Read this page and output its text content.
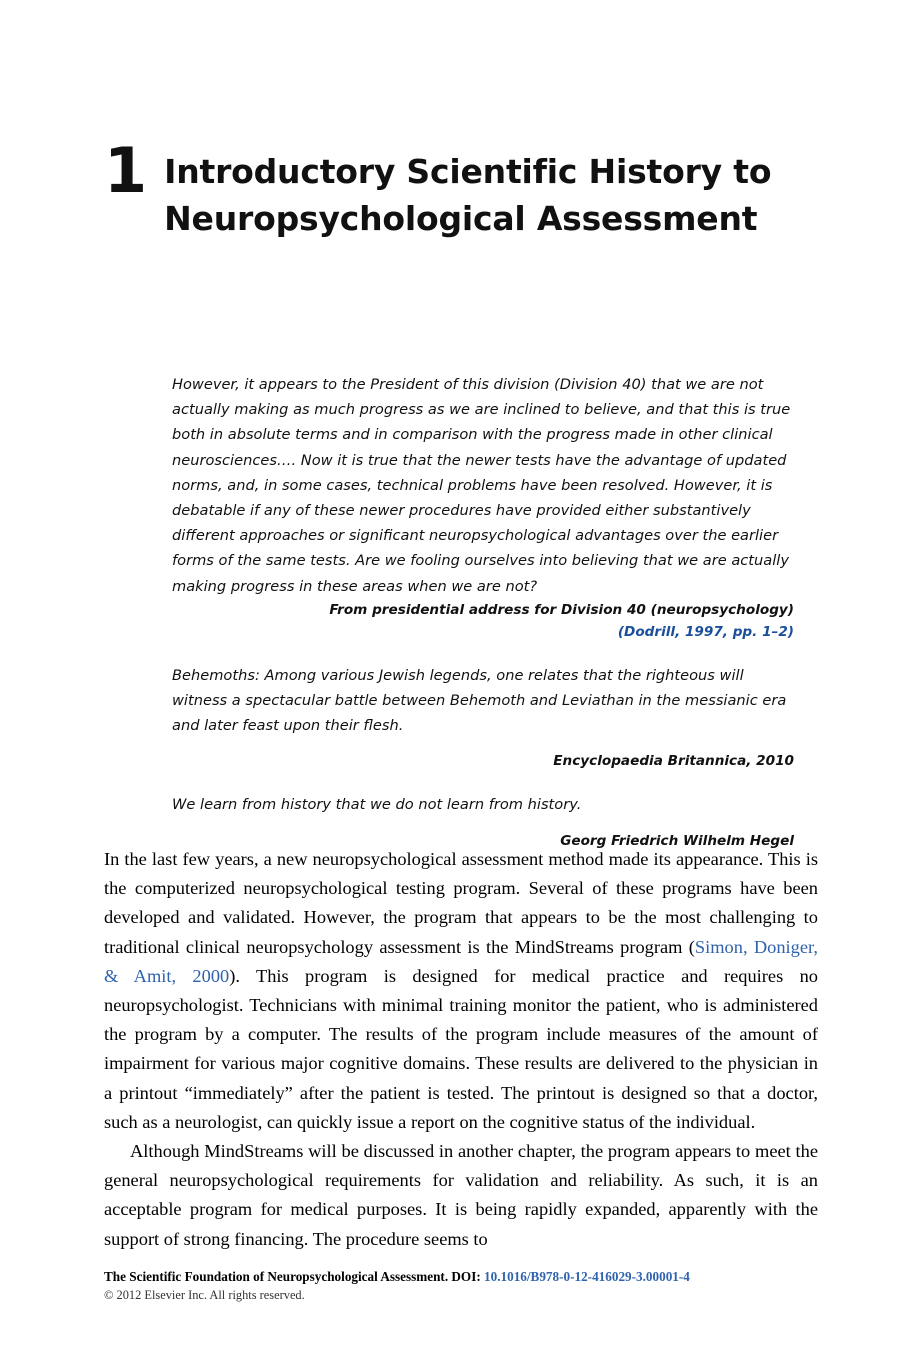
1 Introductory Scientific History to Neuropsychological Assessment
However, it appears to the President of this division (Division 40) that we are not actually making as much progress as we are inclined to believe, and that this is true both in absolute terms and in comparison with the progress made in other clinical neurosciences…. Now it is true that the newer tests have the advantage of updated norms, and, in some cases, technical problems have been resolved. However, it is debatable if any of these newer procedures have provided either substantively different approaches or significant neuropsychological advantages over the earlier forms of the same tests. Are we fooling ourselves into believing that we are actually making progress in these areas when we are not?
From presidential address for Division 40 (neuropsychology)
(Dodrill, 1997, pp. 1–2)
Behemoths: Among various Jewish legends, one relates that the righteous will witness a spectacular battle between Behemoth and Leviathan in the messianic era and later feast upon their flesh.
Encyclopaedia Britannica, 2010
We learn from history that we do not learn from history.
Georg Friedrich Wilhelm Hegel

In the last few years, a new neuropsychological assessment method made its appearance. This is the computerized neuropsychological testing program. Several of these programs have been developed and validated. However, the program that appears to be the most challenging to traditional clinical neuropsychology assessment is the MindStreams program (Simon, Doniger, & Amit, 2000). This program is designed for medical practice and requires no neuropsychologist. Technicians with minimal training monitor the patient, who is administered the program by a computer. The results of the program include measures of the amount of impairment for various major cognitive domains. These results are delivered to the physician in a printout “immediately” after the patient is tested. The printout is designed so that a doctor, such as a neurologist, can quickly issue a report on the cognitive status of the individual.

Although MindStreams will be discussed in another chapter, the program appears to meet the general neuropsychological requirements for validation and reliability. As such, it is an acceptable program for medical purposes. It is being rapidly expanded, apparently with the support of strong financing. The procedure seems to

The Scientific Foundation of Neuropsychological Assessment. DOI: 10.1016/B978-0-12-416029-3.00001-4
© 2012 Elsevier Inc. All rights reserved.
